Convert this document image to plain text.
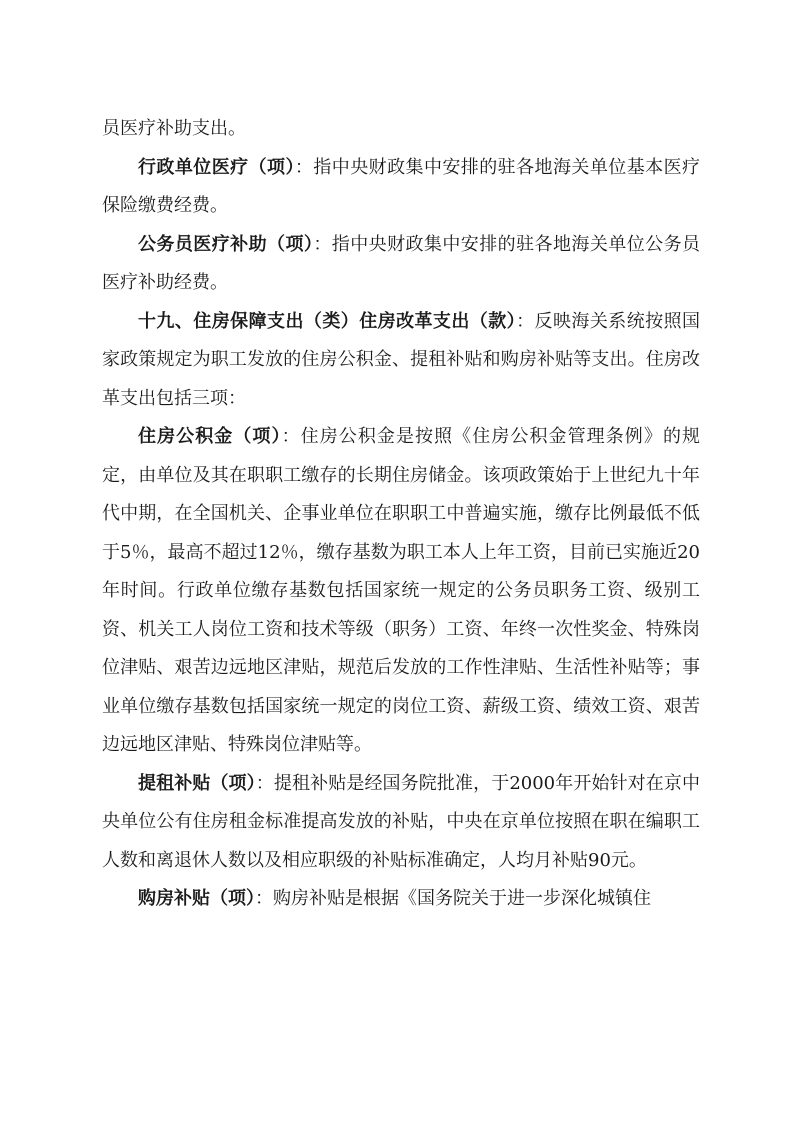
员医疗补助支出。

行政单位医疗（项）：指中央财政集中安排的驻各地海关单位基本医疗保险缴费经费。

公务员医疗补助（项）：指中央财政集中安排的驻各地海关单位公务员医疗补助经费。

十九、住房保障支出（类）住房改革支出（款）：反映海关系统按照国家政策规定为职工发放的住房公积金、提租补贴和购房补贴等支出。住房改革支出包括三项：

住房公积金（项）：住房公积金是按照《住房公积金管理条例》的规定，由单位及其在职职工缴存的长期住房储金。该项政策始于上世纪九十年代中期，在全国机关、企事业单位在职职工中普遍实施，缴存比例最低不低于5％，最高不超过12％，缴存基数为职工本人上年工资，目前已实施近20年时间。行政单位缴存基数包括国家统一规定的公务员职务工资、级别工资、机关工人岗位工资和技术等级（职务）工资、年终一次性奖金、特殊岗位津贴、艰苦边远地区津贴，规范后发放的工作性津贴、生活性补贴等；事业单位缴存基数包括国家统一规定的岗位工资、薪级工资、绩效工资、艰苦边远地区津贴、特殊岗位津贴等。

提租补贴（项）：提租补贴是经国务院批准，于2000年开始针对在京中央单位公有住房租金标准提高发放的补贴，中央在京单位按照在职在编职工人数和离退休人数以及相应职级的补贴标准确定，人均月补贴90元。

购房补贴（项）：购房补贴是根据《国务院关于进一步深化城镇住
